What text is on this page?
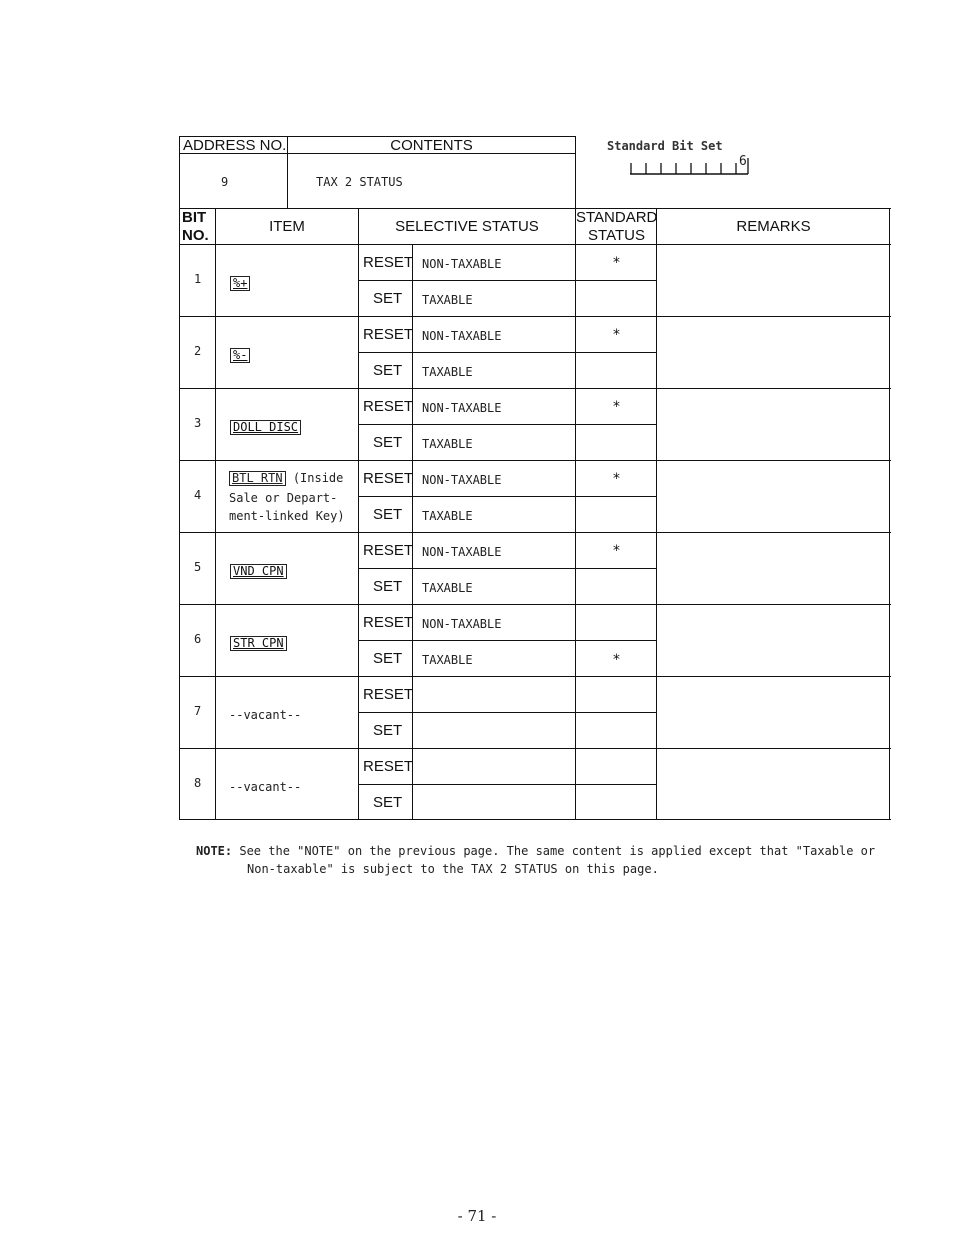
ADDRESS NO.	CONTENTS
9	TAX 2 STATUS
Standard Bit Set
6
BIT
NO.
ITEM	SELECTIVE STATUS
STANDARD
STATUS
REMARKS
1	%+
RESET NON-TAXABLE	*
SET TAXABLE
2	%-
RESET NON-TAXABLE	*
SET TAXABLE
3	DOLL DISC
RESET NON-TAXABLE	*
SET TAXABLE
4
BTL RTN (Inside
Sale or Depart-
ment-linked Key)
RESET NON-TAXABLE	*
SET TAXABLE
5	VND CPN
RESET NON-TAXABLE	*
SET TAXABLE
6	STR CPN
RESET NON-TAXABLE
SET TAXABLE	*
7 --vacant--
RESET
SET
8 --vacant--
RESET
SET
NOTE: See the "NOTE" on the previous page. The same content is applied except that "Taxable or
Non-taxable" is subject to the TAX 2 STATUS on this page.
- 71 -
